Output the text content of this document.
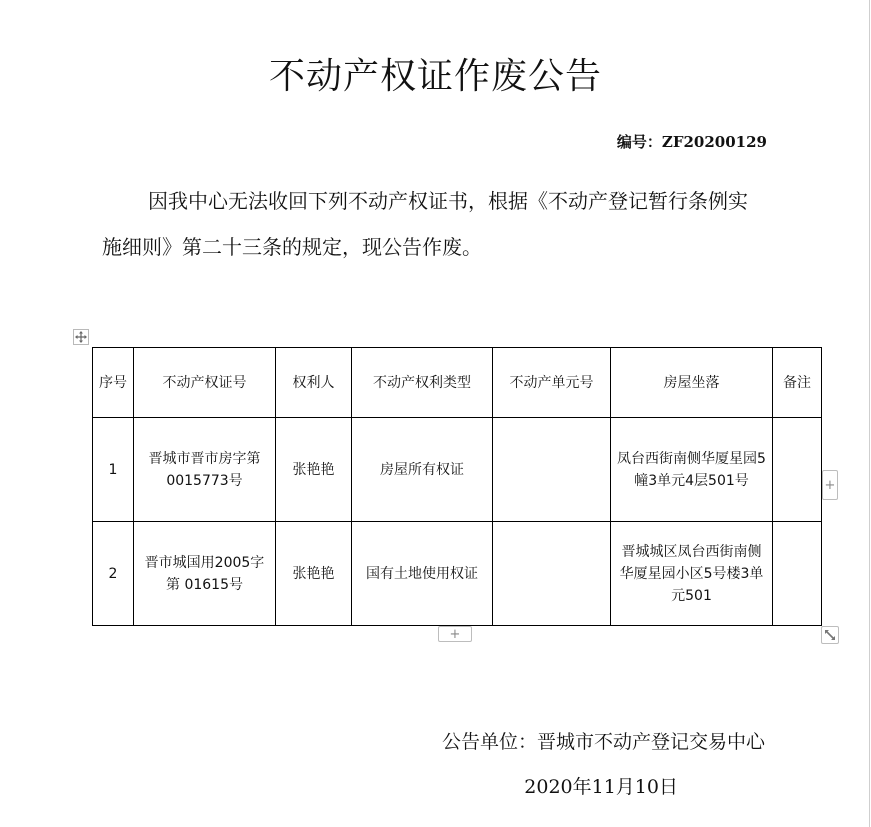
不动产权证作废公告
编号：ZF20200129
因我中心无法收回下列不动产权证书，根据《不动产登记暂行条例实施细则》第二十三条的规定，现公告作废。
序号	不动产权证号	权利人	不动产权利类型	不动产单元号	房屋坐落	备注
1	晋城市晋市房字第0015773号	张艳艳	房屋所有权证		凤台西街南侧华厦星园5幢3单元4层501号	
2	晋市城国用2005字第 01615号	张艳艳	国有土地使用权证		晋城城区凤台西街南侧华厦星园小区5号楼3单元501	
+
+
公告单位：晋城市不动产登记交易中心
2020年11月10日
